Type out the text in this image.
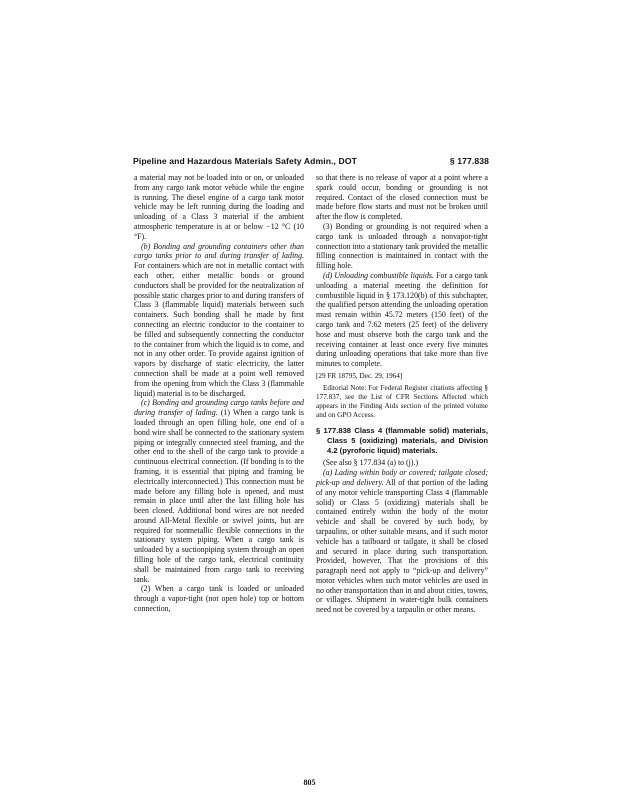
Pipeline and Hazardous Materials Safety Admin., DOT	§ 177.838

a material may not be loaded into or on, or unloaded from any cargo tank motor vehicle while the engine is running. The diesel engine of a cargo tank motor vehicle may be left running during the loading and unloading of a Class 3 material if the ambient atmospheric temperature is at or below −12 °C (10 °F).

(b) Bonding and grounding containers other than cargo tanks prior to and during transfer of lading. For containers which are not in metallic contact with each other, either metallic bonds or ground conductors shall be provided for the neutralization of possible static charges prior to and during transfers of Class 3 (flammable liquid) materials between such containers. Such bonding shall be made by first connecting an electric conductor to the container to be filled and subsequently connecting the conductor to the container from which the liquid is to come, and not in any other order. To provide against ignition of vapors by discharge of static electricity, the latter connection shall be made at a point well removed from the opening from which the Class 3 (flammable liquid) material is to be discharged.

(c) Bonding and grounding cargo tanks before and during transfer of lading. (1) When a cargo tank is loaded through an open filling hole, one end of a bond wire shall be connected to the stationary system piping or integrally connected steel framing, and the other end to the shell of the cargo tank to provide a continuous electrical connection. (If bonding is to the framing, it is essential that piping and framing be electrically interconnected.) This connection must be made before any filling hole is opened, and must remain in place until after the last filling hole has been closed. Additional bond wires are not needed around All-Metal flexible or swivel joints, but are required for nonmetallic flexible connections in the stationary system piping. When a cargo tank is unloaded by a suctionpiping system through an open filling hole of the cargo tank, electrical continuity shall be maintained from cargo tank to receiving tank.

(2) When a cargo tank is loaded or unloaded through a vapor-tight (not open hole) top or bottom connection,

so that there is no release of vapor at a point where a spark could occur, bonding or grounding is not required. Contact of the closed connection must be made before flow starts and must not be broken until after the flow is completed.

(3) Bonding or grounding is not required when a cargo tank is unloaded through a nonvapor-tight connection into a stationary tank provided the metallic filling connection is maintained in contact with the filling hole.

(d) Unloading combustible liquids. For a cargo tank unloading a material meeting the definition for combustible liquid in § 173.120(b) of this subchapter, the qualified person attending the unloading operation must remain within 45.72 meters (150 feet) of the cargo tank and 7.62 meters (25 feet) of the delivery hose and must observe both the cargo tank and the receiving container at least once every five minutes during unloading operations that take more than five minutes to complete.

[29 FR 18795, Dec. 29, 1964]

Editorial Note: For Federal Register citations affecting § 177.837, see the List of CFR Sections Affected which appears in the Finding Aids section of the printed volume and on GPO Access.

§ 177.838 Class 4 (flammable solid) materials, Class 5 (oxidizing) materials, and Division 4.2 (pyroforic liquid) materials.

(See also § 177.834 (a) to (j).)

(a) Lading within body or covered; tailgate closed; pick-up and delivery. All of that portion of the lading of any motor vehicle transporting Class 4 (flammable solid) or Class 5 (oxidizing) materials shall be contained entirely within the body of the motor vehicle and shall be covered by such body, by tarpaulins, or other suitable means, and if such motor vehicle has a tailboard or tailgate, it shall be closed and secured in place during such transportation. Provided, however, That the provisions of this paragraph need not apply to “pick-up and delivery” motor vehicles when such motor vehicles are used in no other transportation than in and about cities, towns, or villages. Shipment in water-tight bulk containers need not be covered by a tarpaulin or other means.

805
